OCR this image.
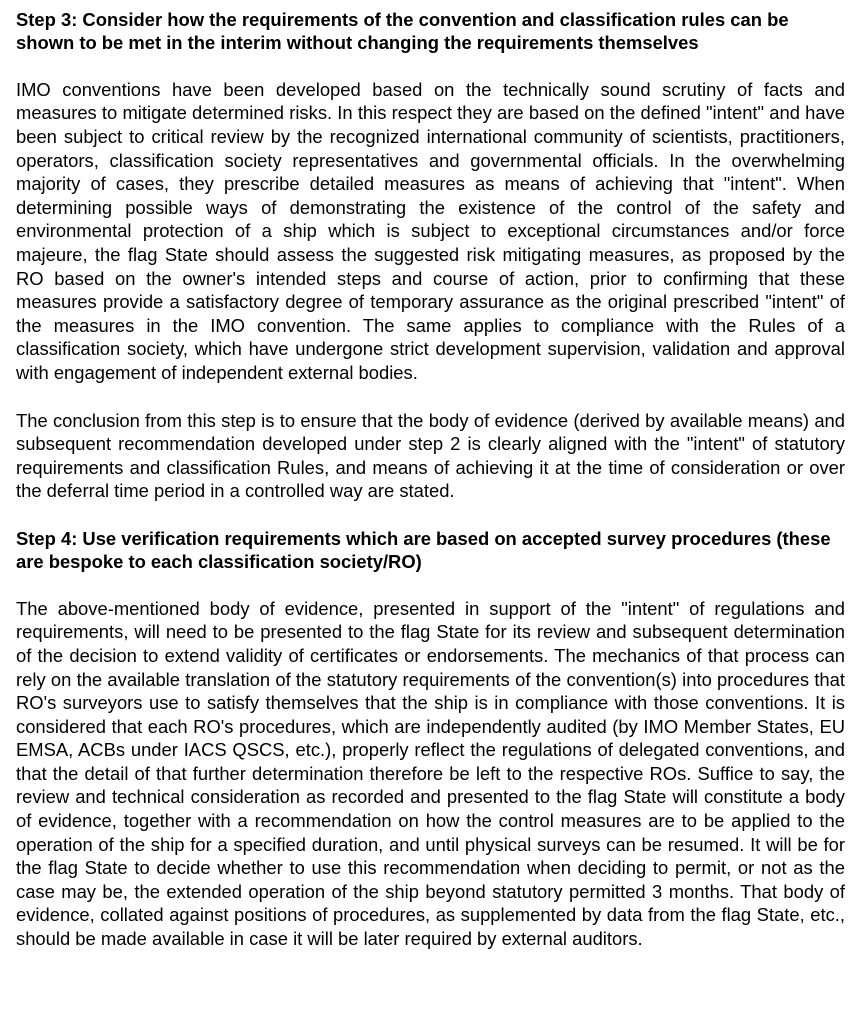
Step 3: Consider how the requirements of the convention and classification rules can be shown to be met in the interim without changing the requirements themselves

IMO conventions have been developed based on the technically sound scrutiny of facts and measures to mitigate determined risks. In this respect they are based on the defined "intent" and have been subject to critical review by the recognized international community of scientists, practitioners, operators, classification society representatives and governmental officials. In the overwhelming majority of cases, they prescribe detailed measures as means of achieving that "intent". When determining possible ways of demonstrating the existence of the control of the safety and environmental protection of a ship which is subject to exceptional circumstances and/or force majeure, the flag State should assess the suggested risk mitigating measures, as proposed by the RO based on the owner's intended steps and course of action, prior to confirming that these measures provide a satisfactory degree of temporary assurance as the original prescribed "intent" of the measures in the IMO convention. The same applies to compliance with the Rules of a classification society, which have undergone strict development supervision, validation and approval with engagement of independent external bodies.

The conclusion from this step is to ensure that the body of evidence (derived by available means) and subsequent recommendation developed under step 2 is clearly aligned with the "intent" of statutory requirements and classification Rules, and means of achieving it at the time of consideration or over the deferral time period in a controlled way are stated.

Step 4: Use verification requirements which are based on accepted survey procedures (these are bespoke to each classification society/RO)

The above-mentioned body of evidence, presented in support of the "intent" of regulations and requirements, will need to be presented to the flag State for its review and subsequent determination of the decision to extend validity of certificates or endorsements. The mechanics of that process can rely on the available translation of the statutory requirements of the convention(s) into procedures that RO's surveyors use to satisfy themselves that the ship is in compliance with those conventions. It is considered that each RO's procedures, which are independently audited (by IMO Member States, EU EMSA, ACBs under IACS QSCS, etc.), properly reflect the regulations of delegated conventions, and that the detail of that further determination therefore be left to the respective ROs. Suffice to say, the review and technical consideration as recorded and presented to the flag State will constitute a body of evidence, together with a recommendation on how the control measures are to be applied to the operation of the ship for a specified duration, and until physical surveys can be resumed. It will be for the flag State to decide whether to use this recommendation when deciding to permit, or not as the case may be, the extended operation of the ship beyond statutory permitted 3 months. That body of evidence, collated against positions of procedures, as supplemented by data from the flag State, etc., should be made available in case it will be later required by external auditors.
